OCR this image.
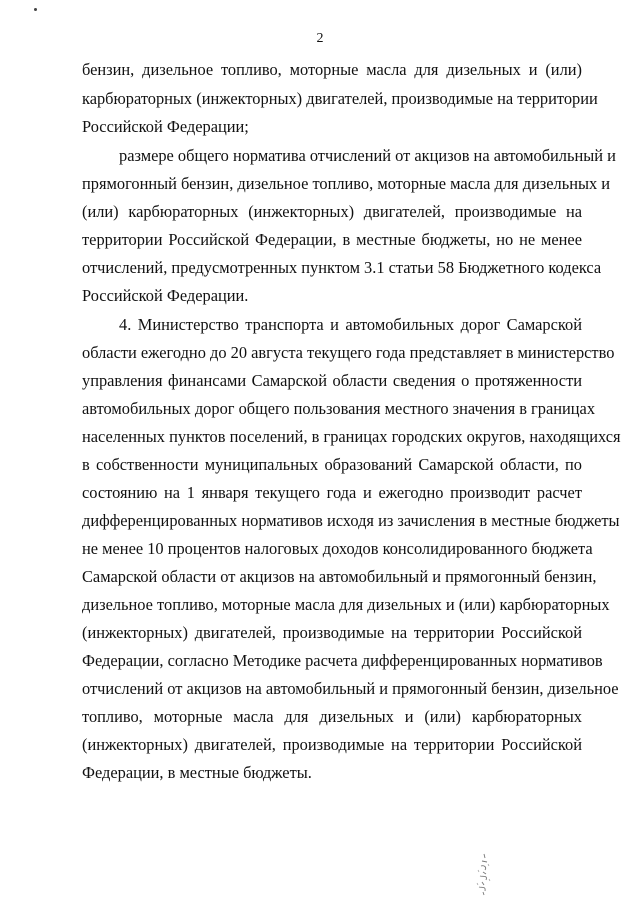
2
бензин, дизельное топливо, моторные масла для дизельных и (или)
карбюраторных (инжекторных) двигателей, производимые на территории
Российской Федерации;
размере общего норматива отчислений от акцизов на автомобильный и
прямогонный бензин, дизельное топливо, моторные масла для дизельных и
(или) карбюраторных (инжекторных) двигателей, производимые на
территории Российской Федерации, в местные бюджеты, но не менее
отчислений, предусмотренных пунктом 3.1 статьи 58 Бюджетного кодекса
Российской Федерации.
4. Министерство транспорта и автомобильных дорог Самарской
области ежегодно до 20 августа текущего года представляет в министерство
управления финансами Самарской области сведения о протяженности
автомобильных дорог общего пользования местного значения в границах
населенных пунктов поселений, в границах городских округов, находящихся
в собственности муниципальных образований Самарской области, по
состоянию на 1 января текущего года и ежегодно производит расчет
дифференцированных нормативов исходя из зачисления в местные бюджеты
не менее 10 процентов налоговых доходов консолидированного бюджета
Самарской области от акцизов на автомобильный и прямогонный бензин,
дизельное топливо, моторные масла для дизельных и (или) карбюраторных
(инжекторных) двигателей, производимые на территории Российской
Федерации, согласно Методике расчета дифференцированных нормативов
отчислений от акцизов на автомобильный и прямогонный бензин, дизельное
топливо, моторные масла для дизельных и (или) карбюраторных
(инжекторных) двигателей, производимые на территории Российской
Федерации, в местные бюджеты.
